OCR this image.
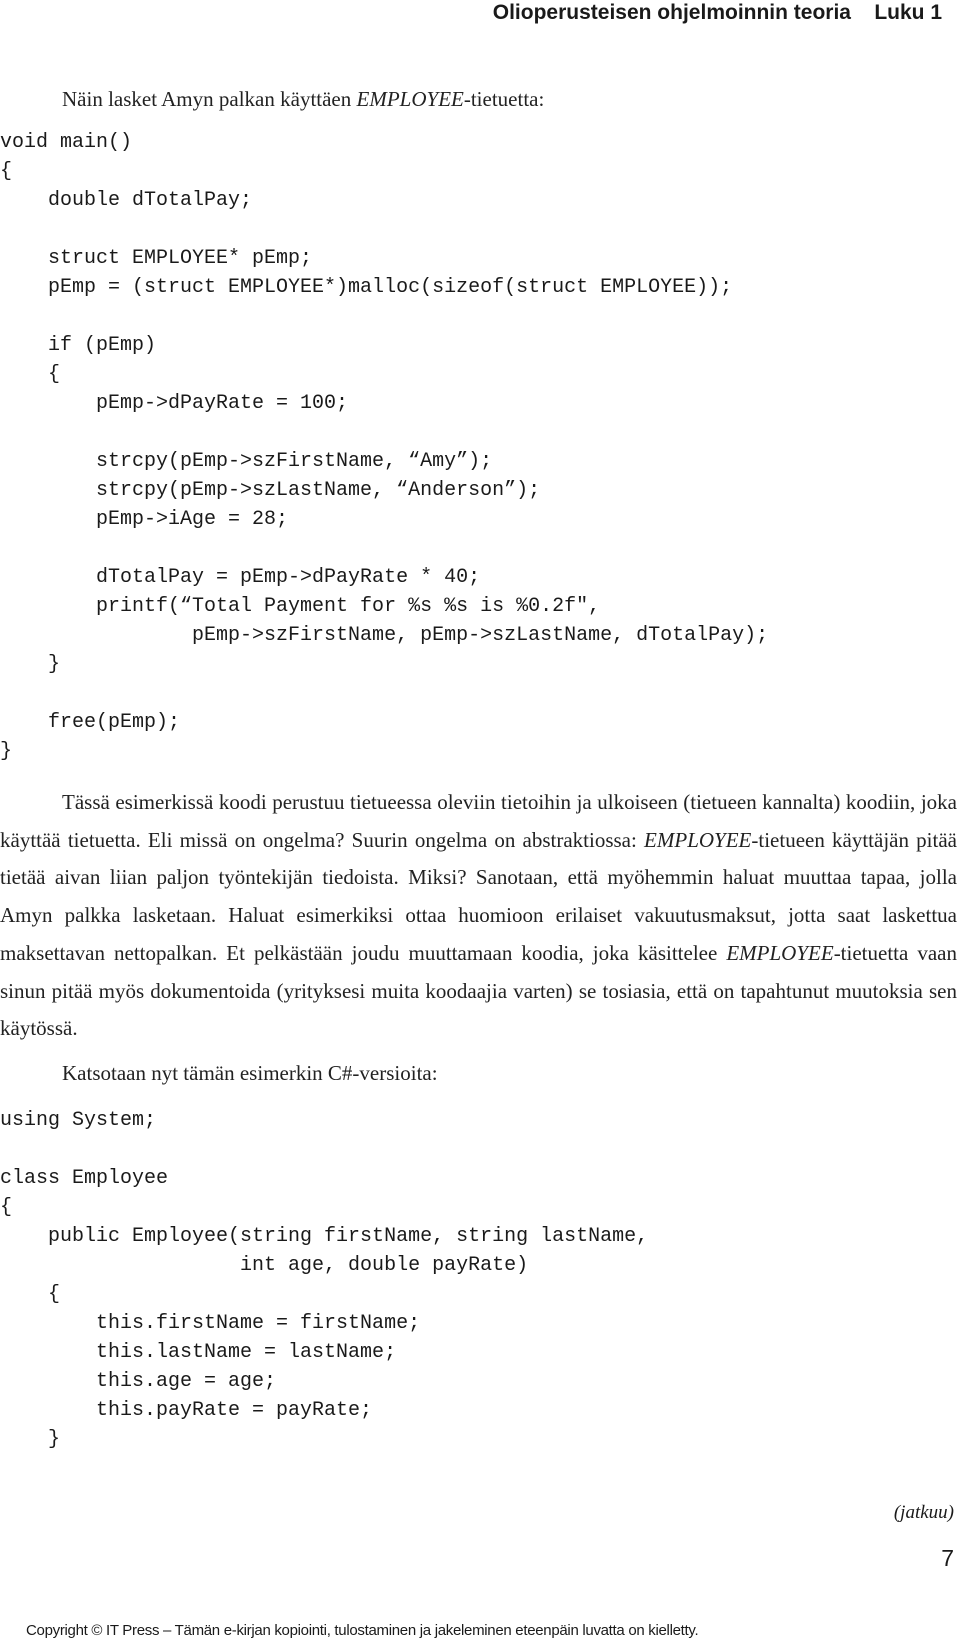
Olioperusteisen ohjelmoinnin teoria    Luku 1

Näin lasket Amyn palkan käyttäen EMPLOYEE-tietuetta:

void main()
{
double dTotalPay;

struct EMPLOYEE* pEmp;
pEmp = (struct EMPLOYEE*)malloc(sizeof(struct EMPLOYEE));

if (pEmp)
{
pEmp->dPayRate = 100;

strcpy(pEmp->szFirstName, “Amy”);
strcpy(pEmp->szLastName, “Anderson”);
pEmp->iAge = 28;

dTotalPay = pEmp->dPayRate * 40;
printf(“Total Payment for %s %s is %0.2f",
pEmp->szFirstName, pEmp->szLastName, dTotalPay);
}

free(pEmp);
}

Tässä esimerkissä koodi perustuu tietueessa oleviin tietoihin ja ulkoiseen (tietueen kannalta) koodiin, joka käyttää tietuetta. Eli missä on ongelma? Suurin ongelma on abstraktiossa: EMPLOYEE-tietueen käyttäjän pitää tietää aivan liian paljon työntekijän tiedoista. Miksi? Sanotaan, että myöhemmin haluat muuttaa tapaa, jolla Amyn palkka lasketaan. Haluat esimerkiksi ottaa huomioon erilaiset vakuutusmaksut, jotta saat laskettua maksettavan nettopalkan. Et pelkästään joudu muuttamaan koodia, joka käsittelee EMPLOYEE-tietuetta vaan sinun pitää myös dokumentoida (yrityksesi muita koodaajia varten) se tosiasia, että on tapahtunut muutoksia sen käytössä.

Katsotaan nyt tämän esimerkin C#-versioita:

using System;

class Employee
{
public Employee(string firstName, string lastName,
int age, double payRate)
{
this.firstName = firstName;
this.lastName = lastName;
this.age = age;
this.payRate = payRate;
}

(jatkuu)
7
Copyright © IT Press – Tämän e-kirjan kopiointi, tulostaminen ja jakeleminen eteenpäin luvatta on kielletty.
